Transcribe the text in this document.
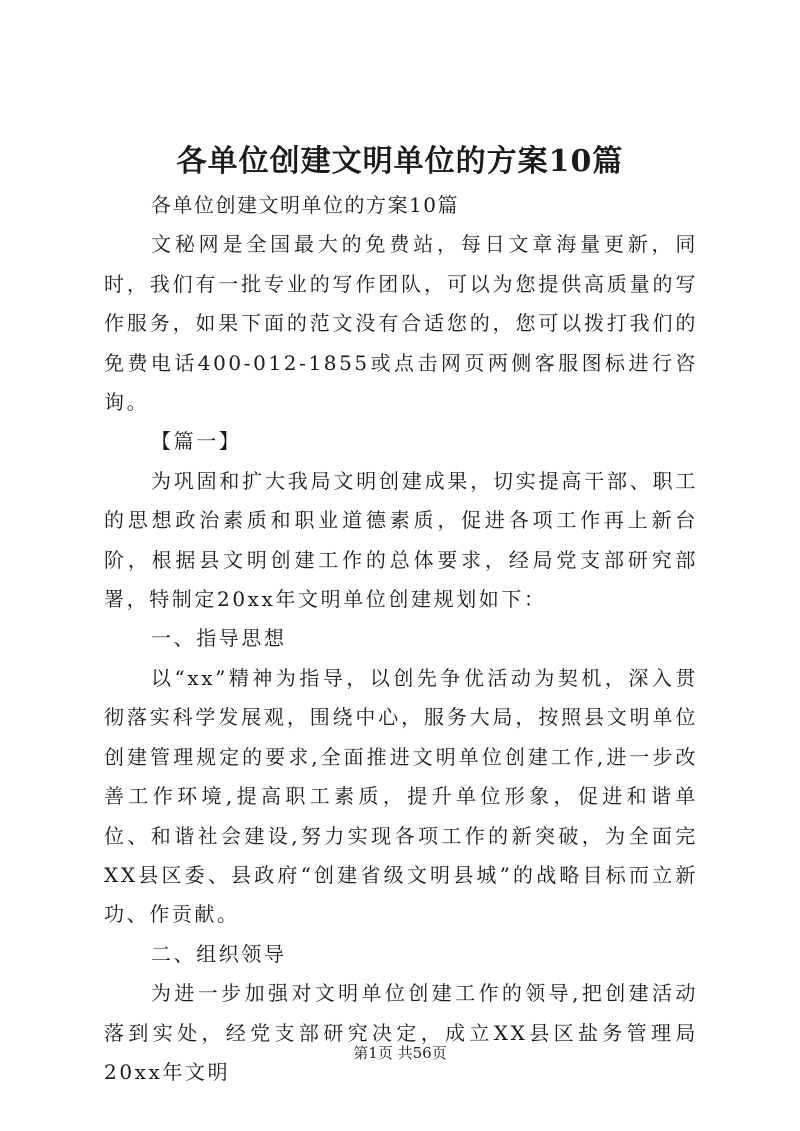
各单位创建文明单位的方案10篇

各单位创建文明单位的方案10篇

文秘网是全国最大的免费站，每日文章海量更新，同时，我们有一批专业的写作团队，可以为您提供高质量的写作服务，如果下面的范文没有合适您的，您可以拨打我们的免费电话400-012-1855或点击网页两侧客服图标进行咨询。

【篇一】

为巩固和扩大我局文明创建成果，切实提高干部、职工的思想政治素质和职业道德素质，促进各项工作再上新台阶，根据县文明创建工作的总体要求，经局党支部研究部署，特制定20xx年文明单位创建规划如下：

一、指导思想

以“xx”精神为指导，以创先争优活动为契机，深入贯彻落实科学发展观，围绕中心，服务大局，按照县文明单位创建管理规定的要求,全面推进文明单位创建工作,进一步改善工作环境,提高职工素质，提升单位形象，促进和谐单位、和谐社会建设,努力实现各项工作的新突破，为全面完XX县区委、县政府“创建省级文明县城”的战略目标而立新功、作贡献。

二、组织领导

为进一步加强对文明单位创建工作的领导,把创建活动落到实处，经党支部研究决定，成立XX县区盐务管理局20xx年文明

第1页 共56页
